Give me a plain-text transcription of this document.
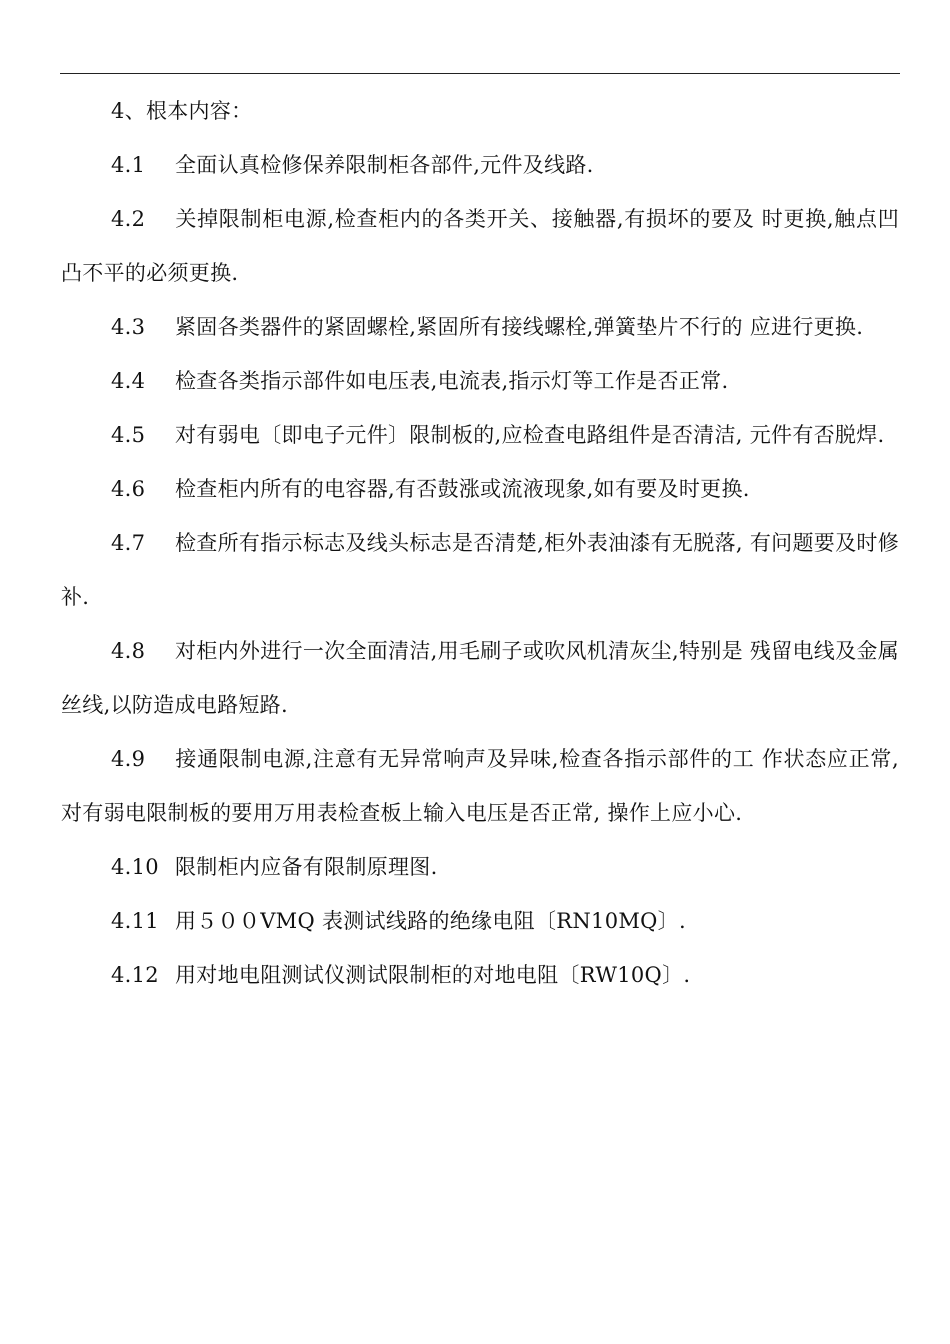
4、根本内容：

4.1 全面认真检修保养限制柜各部件,元件及线路.

4.2 关掉限制柜电源,检查柜内的各类开关、接触器,有损坏的要及 时更换,触点凹凸不平的必须更换.

4.3 紧固各类器件的紧固螺栓,紧固所有接线螺栓,弹簧垫片不行的 应进行更换.

4.4 检查各类指示部件如电压表,电流表,指示灯等工作是否正常.

4.5 对有弱电〔即电子元件〕限制板的,应检查电路组件是否清洁, 元件有否脱焊.

4.6 检查柜内所有的电容器,有否鼓涨或流液现象,如有要及时更换.

4.7 检查所有指示标志及线头标志是否清楚,柜外表油漆有无脱落, 有问题要及时修补.

4.8 对柜内外进行一次全面清洁,用毛刷子或吹风机清灰尘,特别是 残留电线及金属丝线,以防造成电路短路.

4.9 接通限制电源,注意有无异常响声及异味,检查各指示部件的工 作状态应正常,对有弱电限制板的要用万用表检查板上输入电压是否正常, 操作上应小心.

4.10 限制柜内应备有限制原理图.

4.11 用５００VMQ 表测试线路的绝缘电阻〔RN10MQ〕.

4.12 用对地电阻测试仪测试限制柜的对地电阻〔RW10Q〕.
